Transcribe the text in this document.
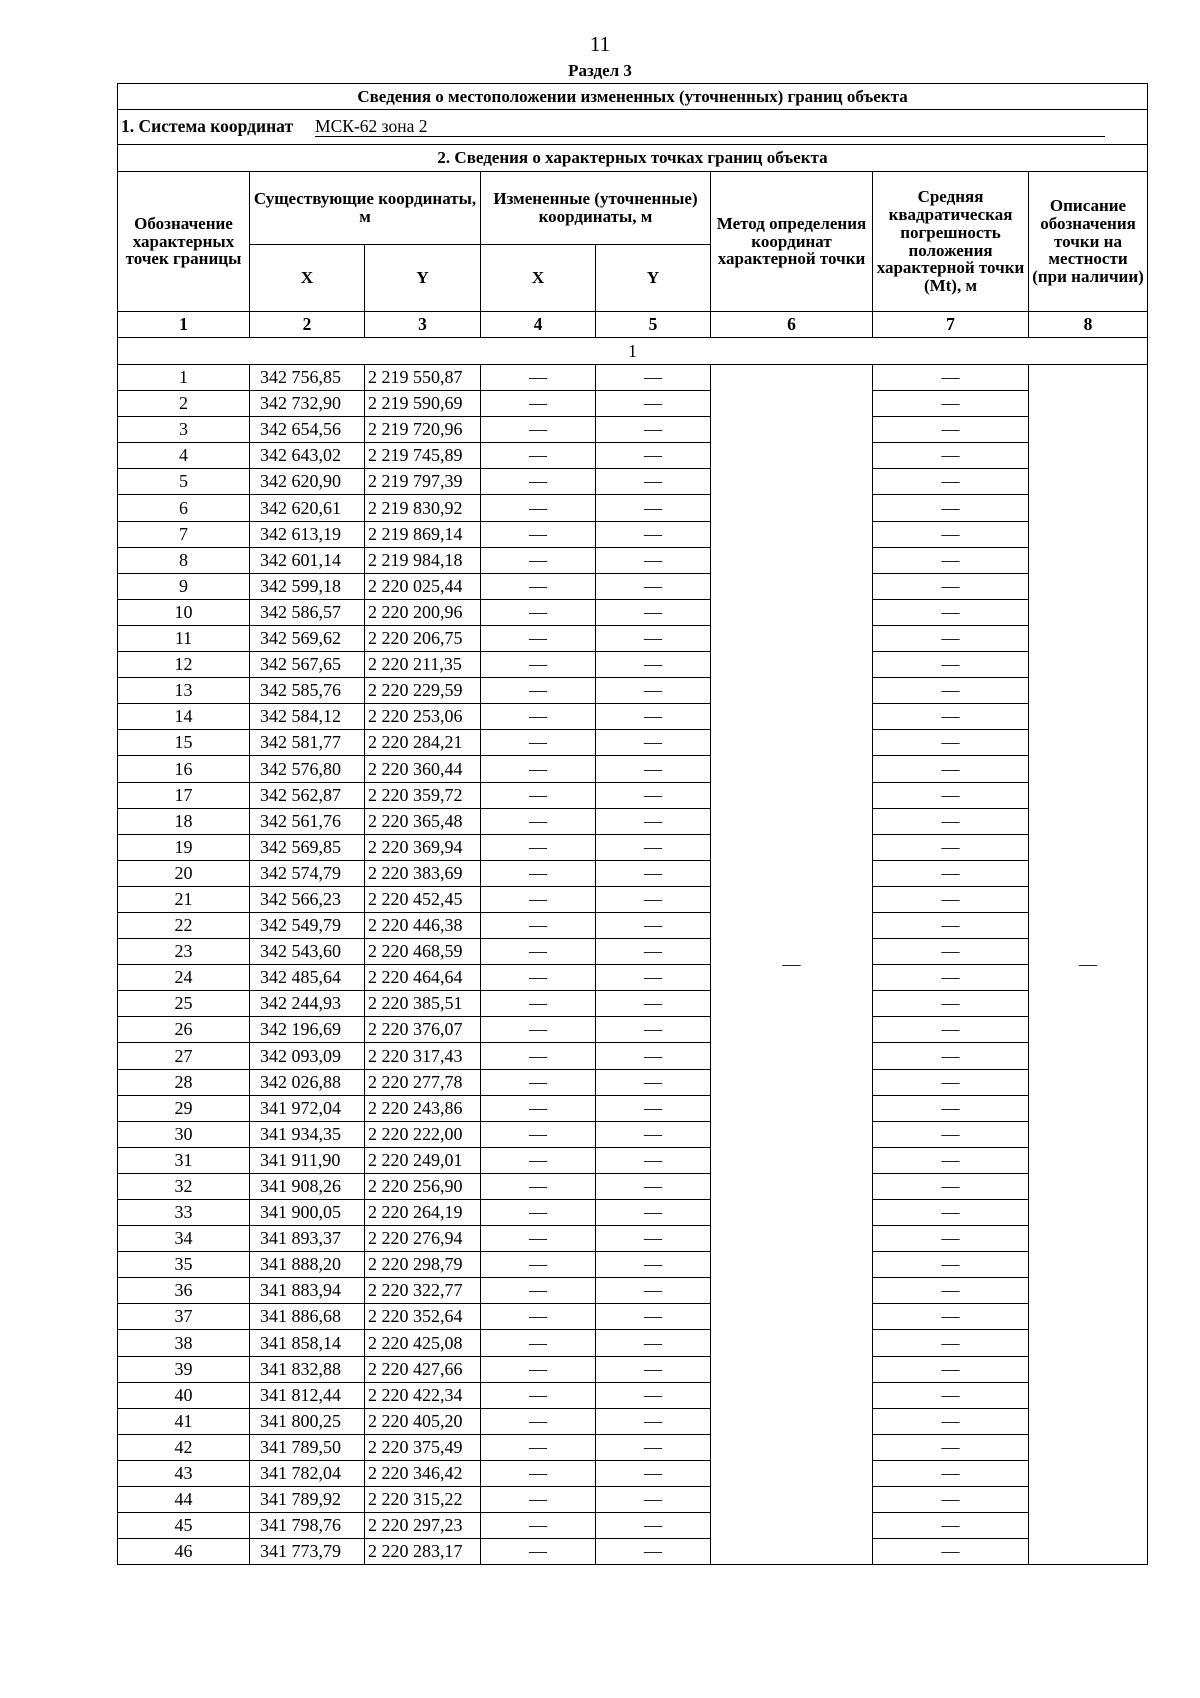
11
Раздел 3
Сведения о местоположении измененных (уточненных) границ объекта							
1. Система координат МСК-62 зона 2							
2. Сведения о характерных точках границ объекта							
Обозначение характерных точек границы	Существующие координаты, м		Измененные (уточненные) координаты, м		Метод определения координат характерной точки	Средняя квадратическая погрешность положения характерной точки (Mt), м	Описание обозначения точки на местности (при наличии)
	X	Y	X	Y			
1	2	3	4	5	6	7	8
1							
1	342 756,85	2 219 550,87	—	—	—	—	—
2	342 732,90	2 219 590,69	—	—		—	
3	342 654,56	2 219 720,96	—	—		—	
4	342 643,02	2 219 745,89	—	—		—	
5	342 620,90	2 219 797,39	—	—		—	
6	342 620,61	2 219 830,92	—	—		—	
7	342 613,19	2 219 869,14	—	—		—	
8	342 601,14	2 219 984,18	—	—		—	
9	342 599,18	2 220 025,44	—	—		—	
10	342 586,57	2 220 200,96	—	—		—	
11	342 569,62	2 220 206,75	—	—		—	
12	342 567,65	2 220 211,35	—	—		—	
13	342 585,76	2 220 229,59	—	—		—	
14	342 584,12	2 220 253,06	—	—		—	
15	342 581,77	2 220 284,21	—	—		—	
16	342 576,80	2 220 360,44	—	—		—	
17	342 562,87	2 220 359,72	—	—		—	
18	342 561,76	2 220 365,48	—	—		—	
19	342 569,85	2 220 369,94	—	—		—	
20	342 574,79	2 220 383,69	—	—		—	
21	342 566,23	2 220 452,45	—	—		—	
22	342 549,79	2 220 446,38	—	—		—	
23	342 543,60	2 220 468,59	—	—		—	
24	342 485,64	2 220 464,64	—	—		—	
25	342 244,93	2 220 385,51	—	—		—	
26	342 196,69	2 220 376,07	—	—		—	
27	342 093,09	2 220 317,43	—	—		—	
28	342 026,88	2 220 277,78	—	—		—	
29	341 972,04	2 220 243,86	—	—		—	
30	341 934,35	2 220 222,00	—	—		—	
31	341 911,90	2 220 249,01	—	—		—	
32	341 908,26	2 220 256,90	—	—		—	
33	341 900,05	2 220 264,19	—	—		—	
34	341 893,37	2 220 276,94	—	—		—	
35	341 888,20	2 220 298,79	—	—		—	
36	341 883,94	2 220 322,77	—	—		—	
37	341 886,68	2 220 352,64	—	—		—	
38	341 858,14	2 220 425,08	—	—		—	
39	341 832,88	2 220 427,66	—	—		—	
40	341 812,44	2 220 422,34	—	—		—	
41	341 800,25	2 220 405,20	—	—		—	
42	341 789,50	2 220 375,49	—	—		—	
43	341 782,04	2 220 346,42	—	—		—	
44	341 789,92	2 220 315,22	—	—		—	
45	341 798,76	2 220 297,23	—	—		—	
46	341 773,79	2 220 283,17	—	—		—	
